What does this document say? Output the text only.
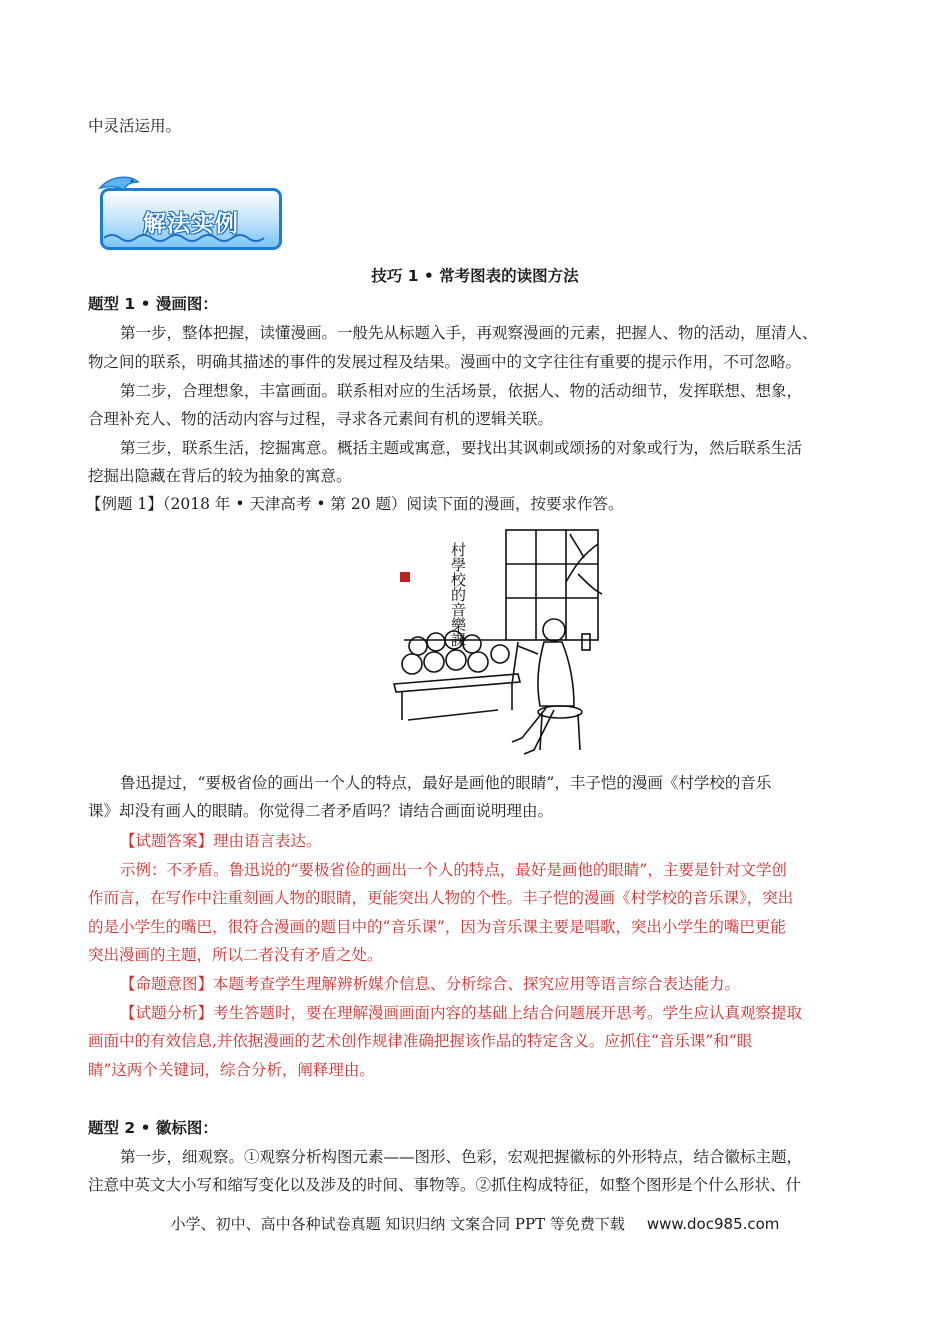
中灵活运用。
解法实例
技巧 1 • 常考图表的读图方法
题型 1 • 漫画图：
第一步，整体把握，读懂漫画。一般先从标题入手，再观察漫画的元素，把握人、物的活动，厘清人、
物之间的联系，明确其描述的事件的发展过程及结果。漫画中的文字往往有重要的提示作用，不可忽略。
第二步，合理想象，丰富画面。联系相对应的生活场景，依据人、物的活动细节，发挥联想、想象，
合理补充人、物的活动内容与过程，寻求各元素间有机的逻辑关联。
第三步，联系生活，挖掘寓意。概括主题或寓意，要找出其讽刺或颂扬的对象或行为，然后联系生活
挖掘出隐藏在背后的较为抽象的寓意。
【例题 1】（2018 年 • 天津高考 • 第 20 题）阅读下面的漫画，按要求作答。
村學校的音樂課
鲁迅提过，“要极省俭的画出一个人的特点，最好是画他的眼睛”，丰子恺的漫画《村学校的音乐
课》却没有画人的眼睛。你觉得二者矛盾吗？请结合画面说明理由。
【试题答案】理由语言表达。
示例：不矛盾。鲁迅说的“要极省俭的画出一个人的特点，最好是画他的眼睛”，主要是针对文学创
作而言，在写作中注重刻画人物的眼睛，更能突出人物的个性。丰子恺的漫画《村学校的音乐课》，突出
的是小学生的嘴巴，很符合漫画的题目中的“音乐课”，因为音乐课主要是唱歌，突出小学生的嘴巴更能
突出漫画的主题，所以二者没有矛盾之处。
【命题意图】本题考查学生理解辨析媒介信息、分析综合、探究应用等语言综合表达能力。
【试题分析】考生答题时，要在理解漫画画面内容的基础上结合问题展开思考。学生应认真观察提取
画面中的有效信息,并依据漫画的艺术创作规律准确把握该作品的特定含义。应抓住“音乐课”和“眼
睛”这两个关键词，综合分析，阐释理由。
题型 2 • 徽标图：
第一步，细观察。①观察分析构图元素——图形、色彩，宏观把握徽标的外形特点，结合徽标主题，
注意中英文大小写和缩写变化以及涉及的时间、事物等。②抓住构成特征，如整个图形是个什么形状、什
小学、初中、高中各种试卷真题 知识归纳 文案合同 PPT 等免费下载 www.doc985.com
